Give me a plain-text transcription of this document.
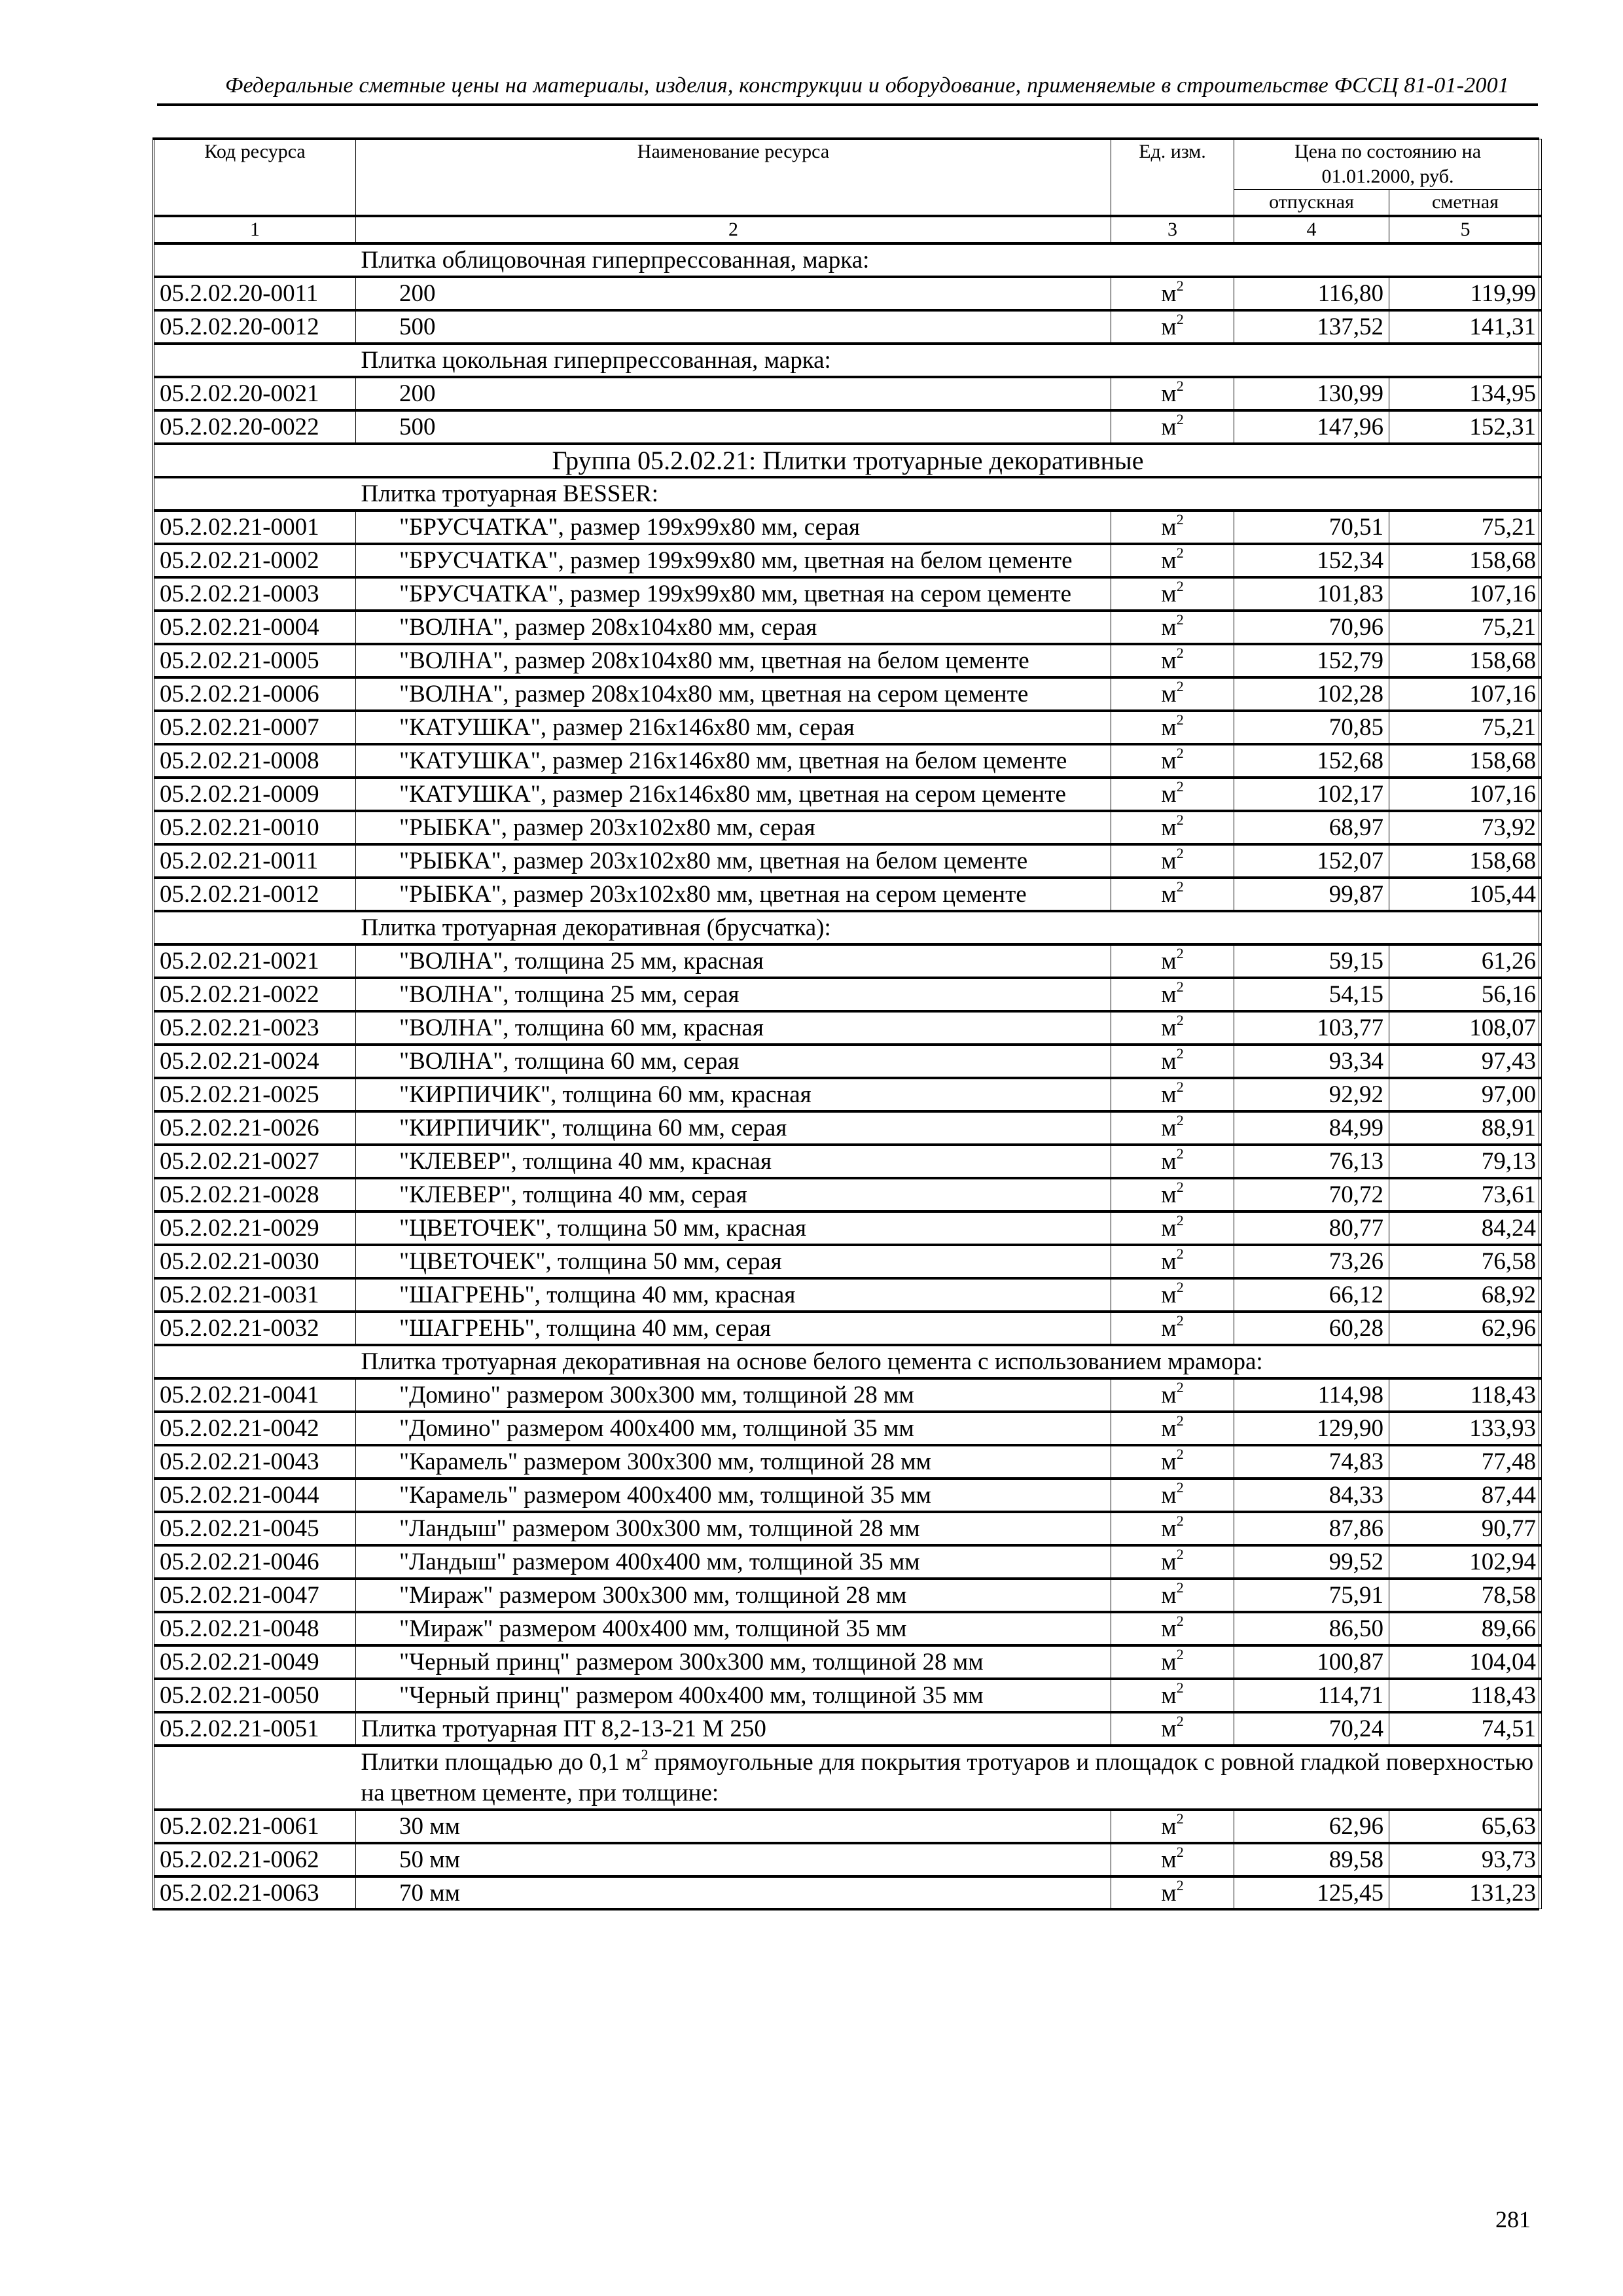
Федеральные сметные цены на материалы, изделия, конструкции и оборудование, применяемые в строительстве ФССЦ 81-01-2001
Код ресурса	Наименование ресурса	Ед. изм.	Цена по состоянию на 01.01.2000, руб.	
			отпускная	сметная
1	2	3	4	5
	Плитка облицовочная гиперпрессованная, марка:			
05.2.02.20-0011	200	$м^2$	116,80	119,99
05.2.02.20-0012	500	$м^2$	137,52	141,31
	Плитка цокольная гиперпрессованная, марка:			
05.2.02.20-0021	200	$м^2$	130,99	134,95
05.2.02.20-0022	500	$м^2$	147,96	152,31
Группа 05.2.02.21: Плитки тротуарные декоративные				
	Плитка тротуарная BESSER:			
05.2.02.21-0001	"БРУСЧАТКА", размер 199x99x80 мм, серая	$м^2$	70,51	75,21
05.2.02.21-0002	"БРУСЧАТКА", размер 199x99x80 мм, цветная на белом цементе	$м^2$	152,34	158,68
05.2.02.21-0003	"БРУСЧАТКА", размер 199x99x80 мм, цветная на сером цементе	$м^2$	101,83	107,16
05.2.02.21-0004	"ВОЛНА", размер 208x104x80 мм, серая	$м^2$	70,96	75,21
05.2.02.21-0005	"ВОЛНА", размер 208x104x80 мм, цветная на белом цементе	$м^2$	152,79	158,68
05.2.02.21-0006	"ВОЛНА", размер 208x104x80 мм, цветная на сером цементе	$м^2$	102,28	107,16
05.2.02.21-0007	"КАТУШКА", размер 216x146x80 мм, серая	$м^2$	70,85	75,21
05.2.02.21-0008	"КАТУШКА", размер 216x146x80 мм, цветная на белом цементе	$м^2$	152,68	158,68
05.2.02.21-0009	"КАТУШКА", размер 216x146x80 мм, цветная на сером цементе	$м^2$	102,17	107,16
05.2.02.21-0010	"РЫБКА", размер 203x102x80 мм, серая	$м^2$	68,97	73,92
05.2.02.21-0011	"РЫБКА", размер 203x102x80 мм, цветная на белом цементе	$м^2$	152,07	158,68
05.2.02.21-0012	"РЫБКА", размер 203x102x80 мм, цветная на сером цементе	$м^2$	99,87	105,44
	Плитка тротуарная декоративная (брусчатка):			
05.2.02.21-0021	"ВОЛНА", толщина 25 мм, красная	$м^2$	59,15	61,26
05.2.02.21-0022	"ВОЛНА", толщина 25 мм, серая	$м^2$	54,15	56,16
05.2.02.21-0023	"ВОЛНА", толщина 60 мм, красная	$м^2$	103,77	108,07
05.2.02.21-0024	"ВОЛНА", толщина 60 мм, серая	$м^2$	93,34	97,43
05.2.02.21-0025	"КИРПИЧИК", толщина 60 мм, красная	$м^2$	92,92	97,00
05.2.02.21-0026	"КИРПИЧИК", толщина 60 мм, серая	$м^2$	84,99	88,91
05.2.02.21-0027	"КЛЕВЕР", толщина 40 мм, красная	$м^2$	76,13	79,13
05.2.02.21-0028	"КЛЕВЕР", толщина 40 мм, серая	$м^2$	70,72	73,61
05.2.02.21-0029	"ЦВЕТОЧЕК", толщина 50 мм, красная	$м^2$	80,77	84,24
05.2.02.21-0030	"ЦВЕТОЧЕК", толщина 50 мм, серая	$м^2$	73,26	76,58
05.2.02.21-0031	"ШАГРЕНЬ", толщина 40 мм, красная	$м^2$	66,12	68,92
05.2.02.21-0032	"ШАГРЕНЬ", толщина 40 мм, серая	$м^2$	60,28	62,96
	Плитка тротуарная декоративная на основе белого цемента с использованием мрамора:			
05.2.02.21-0041	"Домино" размером 300x300 мм, толщиной 28 мм	$м^2$	114,98	118,43
05.2.02.21-0042	"Домино" размером 400x400 мм, толщиной 35 мм	$м^2$	129,90	133,93
05.2.02.21-0043	"Карамель" размером 300x300 мм, толщиной 28 мм	$м^2$	74,83	77,48
05.2.02.21-0044	"Карамель" размером 400x400 мм, толщиной 35 мм	$м^2$	84,33	87,44
05.2.02.21-0045	"Ландыш" размером 300x300 мм, толщиной 28 мм	$м^2$	87,86	90,77
05.2.02.21-0046	"Ландыш" размером 400x400 мм, толщиной 35 мм	$м^2$	99,52	102,94
05.2.02.21-0047	"Мираж" размером 300x300 мм, толщиной 28 мм	$м^2$	75,91	78,58
05.2.02.21-0048	"Мираж" размером 400x400 мм, толщиной 35 мм	$м^2$	86,50	89,66
05.2.02.21-0049	"Черный принц" размером 300x300 мм, толщиной 28 мм	$м^2$	100,87	104,04
05.2.02.21-0050	"Черный принц" размером 400x400 мм, толщиной 35 мм	$м^2$	114,71	118,43
05.2.02.21-0051	Плитка тротуарная ПТ 8,2-13-21 М 250	$м^2$	70,24	74,51
	Плитки площадью до 0,1 $м^2$ прямоугольные для покрытия тротуаров и площадок с ровной гладкой поверхностью на цветном цементе, при толщине:			
05.2.02.21-0061	30 мм	$м^2$	62,96	65,63
05.2.02.21-0062	50 мм	$м^2$	89,58	93,73
05.2.02.21-0063	70 мм	$м^2$	125,45	131,23
281
